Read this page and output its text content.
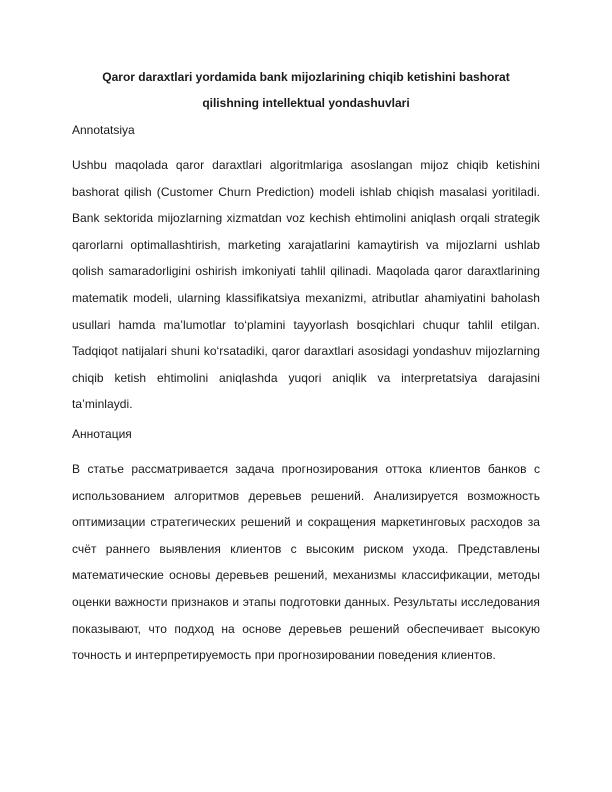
Qaror daraxtlari yordamida bank mijozlarining chiqib ketishini bashorat
qilishning intellektual yondashuvlari
Annotatsiya

Ushbu maqolada qaror daraxtlari algoritmlariga asoslangan mijoz chiqib ketishini bashorat qilish (Customer Churn Prediction) modeli ishlab chiqish masalasi yoritiladi. Bank sektorida mijozlarning xizmatdan voz kechish ehtimolini aniqlash orqali strategik qarorlarni optimallashtirish, marketing xarajatlarini kamaytirish va mijozlarni ushlab qolish samaradorligini oshirish imkoniyati tahlil qilinadi. Maqolada qaror daraxtlarining matematik modeli, ularning klassifikatsiya mexanizmi, atributlar ahamiyatini baholash usullari hamda ma’lumotlar to‘plamini tayyorlash bosqichlari chuqur tahlil etilgan. Tadqiqot natijalari shuni ko‘rsatadiki, qaror daraxtlari asosidagi yondashuv mijozlarning chiqib ketish ehtimolini aniqlashda yuqori aniqlik va interpretatsiya darajasini ta’minlaydi.

Аннотация

В статье рассматривается задача прогнозирования оттока клиентов банков с использованием алгоритмов деревьев решений. Анализируется возможность оптимизации стратегических решений и сокращения маркетинговых расходов за счёт раннего выявления клиентов с высоким риском ухода. Представлены математические основы деревьев решений, механизмы классификации, методы оценки важности признаков и этапы подготовки данных. Результаты исследования показывают, что подход на основе деревьев решений обеспечивает высокую точность и интерпретируемость при прогнозировании поведения клиентов.
